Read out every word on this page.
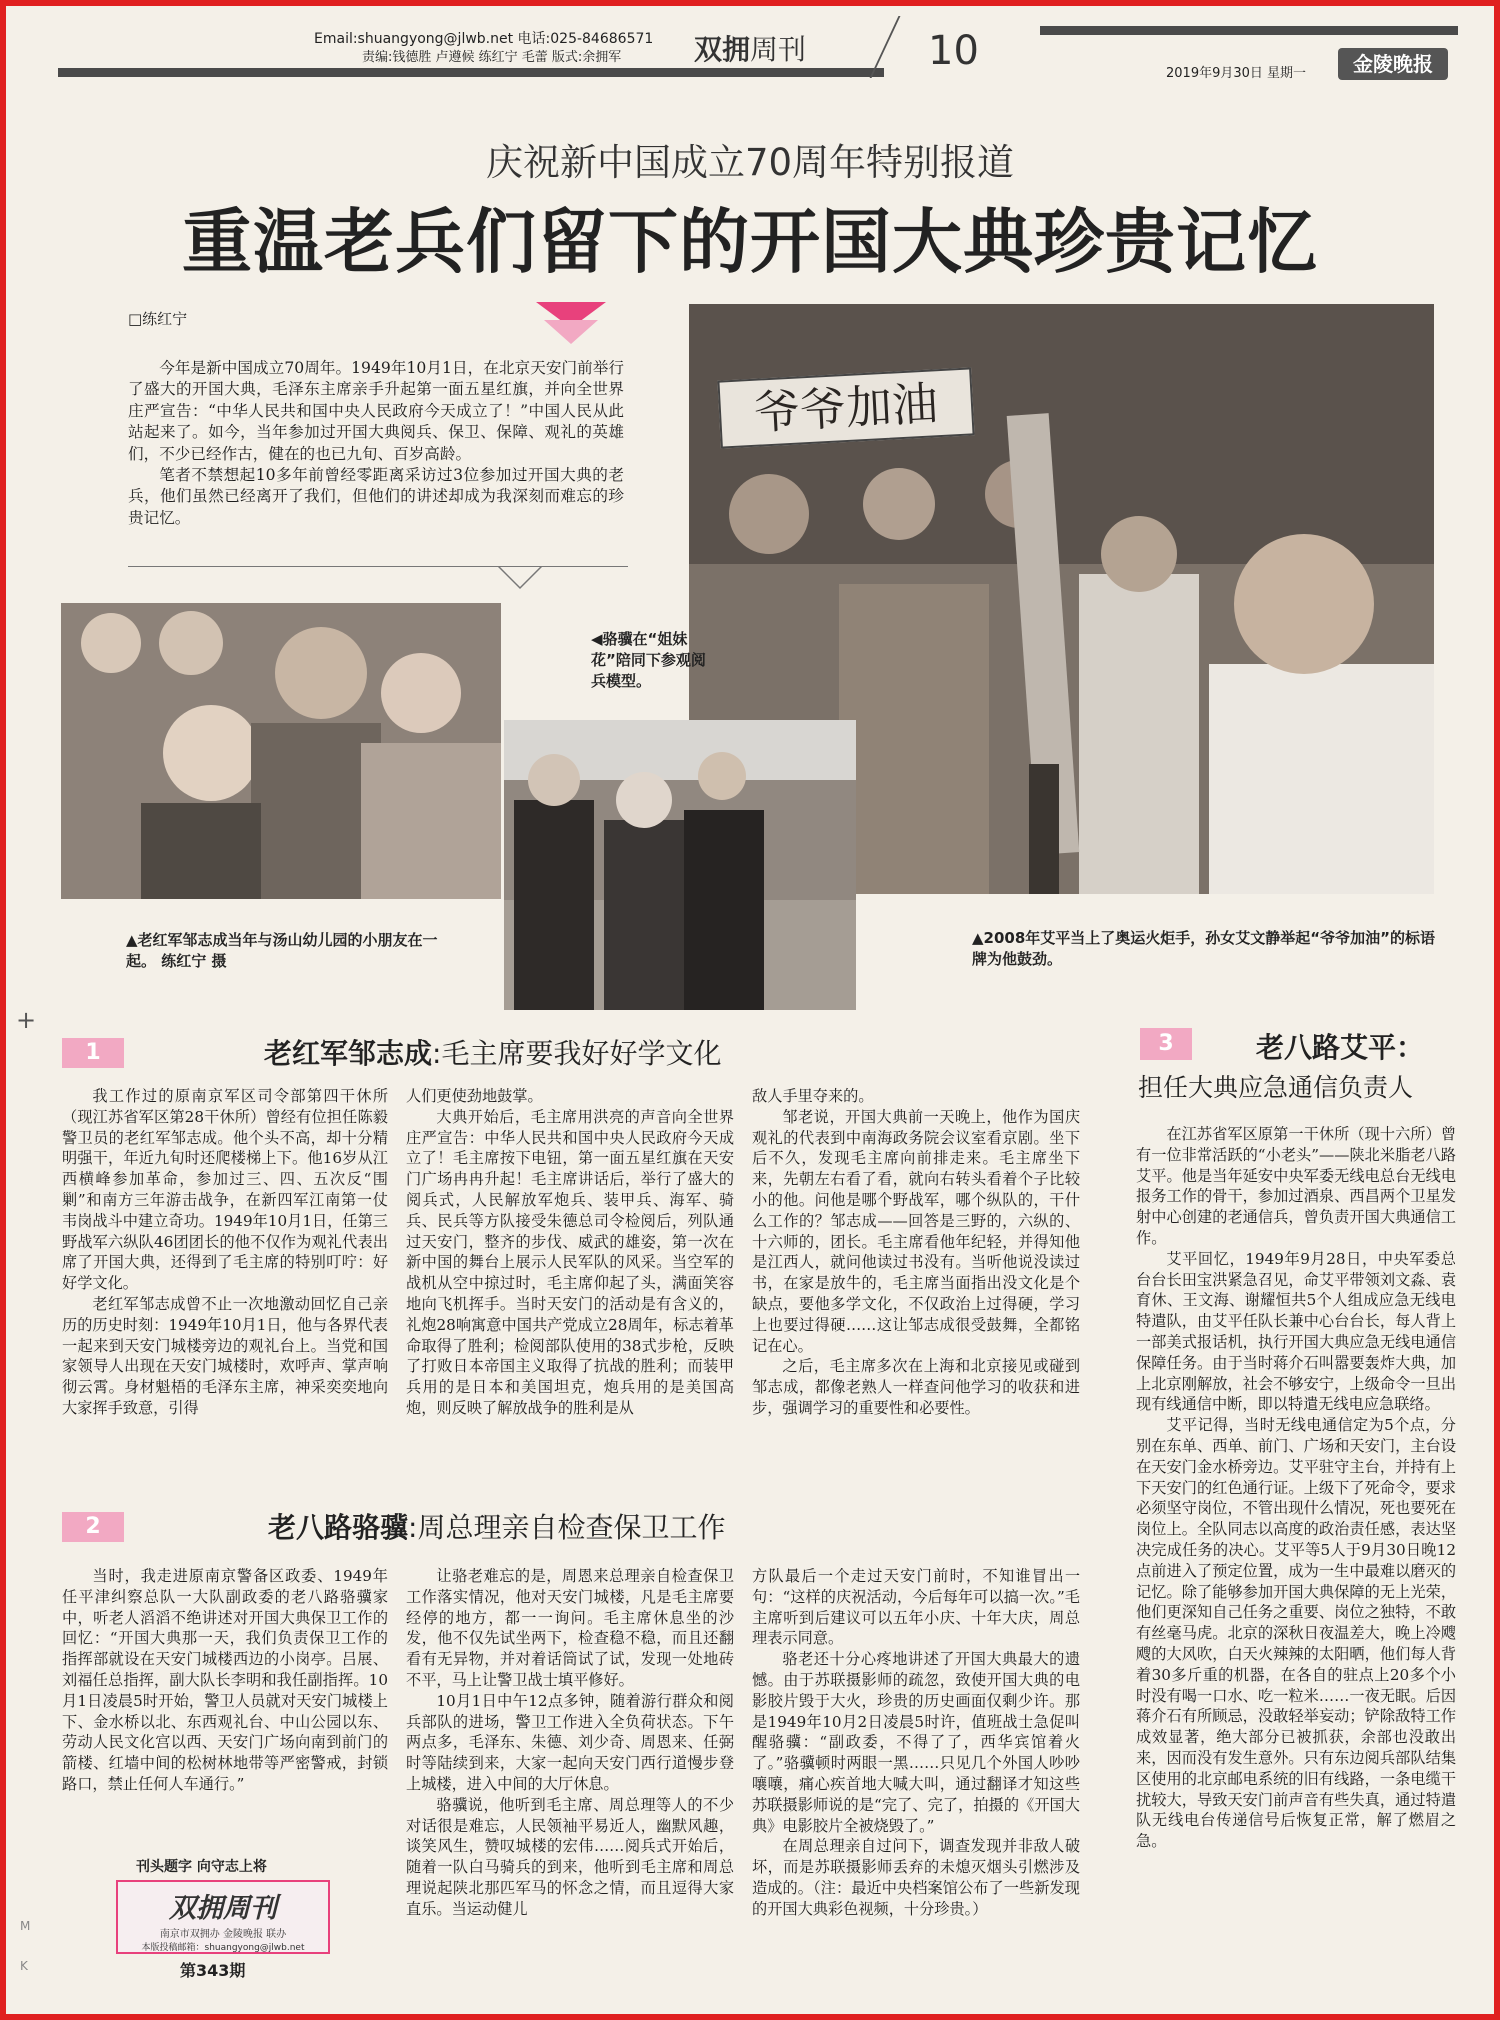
Email:shuangyong@jlwb.net 电话:025-84686571
责编:钱德胜 卢遵候 练红宁 毛蕾 版式:余拥军	双拥周刊	10	2019年9月30日 星期一	金陵晚报
庆祝新中国成立70周年特别报道
重温老兵们留下的开国大典珍贵记忆
□练红宁

今年是新中国成立70周年。1949年10月1日，在北京天安门前举行了盛大的开国大典，毛泽东主席亲手升起第一面五星红旗，并向全世界庄严宣告：“中华人民共和国中央人民政府今天成立了！”中国人民从此站起来了。如今，当年参加过开国大典阅兵、保卫、保障、观礼的英雄们，不少已经作古，健在的也已九旬、百岁高龄。

笔者不禁想起10多年前曾经零距离采访过3位参加过开国大典的老兵，他们虽然已经离开了我们，但他们的讲述却成为我深刻而难忘的珍贵记忆。

爷爷加油
◀骆骥在“姐妹花”陪同下参观阅兵模型。
▲老红军邹志成当年与汤山幼儿园的小朋友在一起。 练红宁 摄
▲2008年艾平当上了奥运火炬手，孙女艾文静举起“爷爷加油”的标语牌为他鼓劲。
1	老红军邹志成:毛主席要我好好学文化

我工作过的原南京军区司令部第四干休所（现江苏省军区第28干休所）曾经有位担任陈毅警卫员的老红军邹志成。他个头不高，却十分精明强干，年近九旬时还爬楼梯上下。他16岁从江西横峰参加革命，参加过三、四、五次反“围剿”和南方三年游击战争，在新四军江南第一仗韦岗战斗中建立奇功。1949年10月1日，任第三野战军六纵队46团团长的他不仅作为观礼代表出席了开国大典，还得到了毛主席的特别叮咛：好好学文化。

老红军邹志成曾不止一次地激动回忆自己亲历的历史时刻：1949年10月1日，他与各界代表一起来到天安门城楼旁边的观礼台上。当党和国家领导人出现在天安门城楼时，欢呼声、掌声响彻云霄。身材魁梧的毛泽东主席，神采奕奕地向大家挥手致意，引得

人们更使劲地鼓掌。

大典开始后，毛主席用洪亮的声音向全世界庄严宣告：中华人民共和国中央人民政府今天成立了！毛主席按下电钮，第一面五星红旗在天安门广场冉冉升起！毛主席讲话后，举行了盛大的阅兵式，人民解放军炮兵、装甲兵、海军、骑兵、民兵等方队接受朱德总司令检阅后，列队通过天安门，整齐的步伐、威武的雄姿，第一次在新中国的舞台上展示人民军队的风采。当空军的战机从空中掠过时，毛主席仰起了头，满面笑容地向飞机挥手。当时天安门的活动是有含义的，礼炮28响寓意中国共产党成立28周年，标志着革命取得了胜利；检阅部队使用的38式步枪，反映了打败日本帝国主义取得了抗战的胜利；而装甲兵用的是日本和美国坦克，炮兵用的是美国高炮，则反映了解放战争的胜利是从

敌人手里夺来的。

邹老说，开国大典前一天晚上，他作为国庆观礼的代表到中南海政务院会议室看京剧。坐下后不久，发现毛主席向前排走来。毛主席坐下来，先朝左右看了看，就向右转头看着个子比较小的他。问他是哪个野战军，哪个纵队的，干什么工作的？邹志成——回答是三野的，六纵的、十六师的，团长。毛主席看他年纪轻，并得知他是江西人，就问他读过书没有。当听他说没读过书，在家是放牛的，毛主席当面指出没文化是个缺点，要他多学文化，不仅政治上过得硬，学习上也要过得硬……这让邹志成很受鼓舞，全都铭记在心。

之后，毛主席多次在上海和北京接见或碰到邹志成，都像老熟人一样查问他学习的收获和进步，强调学习的重要性和必要性。

2	老八路骆骥:周总理亲自检查保卫工作

当时，我走进原南京警备区政委、1949年任平津纠察总队一大队副政委的老八路骆骥家中，听老人滔滔不绝讲述对开国大典保卫工作的回忆：“开国大典那一天，我们负责保卫工作的指挥部就设在天安门城楼西边的小岗亭。吕展、刘福任总指挥，副大队长李明和我任副指挥。10月1日凌晨5时开始，警卫人员就对天安门城楼上下、金水桥以北、东西观礼台、中山公园以东、劳动人民文化宫以西、天安门广场向南到前门的箭楼、红墙中间的松树林地带等严密警戒，封锁路口，禁止任何人车通行。”

让骆老难忘的是，周恩来总理亲自检查保卫工作落实情况，他对天安门城楼，凡是毛主席要经停的地方，都一一询问。毛主席休息坐的沙发，他不仅先试坐两下，检查稳不稳，而且还翻看有无异物，并对着话筒试了试，发现一处地砖不平，马上让警卫战士填平修好。

10月1日中午12点多钟，随着游行群众和阅兵部队的进场，警卫工作进入全负荷状态。下午两点多，毛泽东、朱德、刘少奇、周恩来、任弼时等陆续到来，大家一起向天安门西行道慢步登上城楼，进入中间的大厅休息。

骆骥说，他听到毛主席、周总理等人的不少对话很是难忘，人民领袖平易近人，幽默风趣，谈笑风生，赞叹城楼的宏伟……阅兵式开始后，随着一队白马骑兵的到来，他听到毛主席和周总理说起陕北那匹军马的怀念之情，而且逗得大家直乐。当运动健儿

方队最后一个走过天安门前时，不知谁冒出一句：“这样的庆祝活动，今后每年可以搞一次。”毛主席听到后建议可以五年小庆、十年大庆，周总理表示同意。

骆老还十分心疼地讲述了开国大典最大的遗憾。由于苏联摄影师的疏忽，致使开国大典的电影胶片毁于大火，珍贵的历史画面仅剩少许。那是1949年10月2日凌晨5时许，值班战士急促叫醒骆骥：“副政委，不得了了，西华宾馆着火了。”骆骥顿时两眼一黑……只见几个外国人吵吵嚷嚷，痛心疾首地大喊大叫，通过翻译才知这些苏联摄影师说的是“完了、完了，拍摄的《开国大典》电影胶片全被烧毁了。”

在周总理亲自过问下，调查发现并非敌人破坏，而是苏联摄影师丢弃的未熄灭烟头引燃涉及造成的。（注：最近中央档案馆公布了一些新发现的开国大典彩色视频，十分珍贵。）

刊头题字 向守志上将
双拥周刊
南京市双拥办 金陵晚报 联办
本版投稿邮箱：shuangyong@jlwb.net
第343期
3	老八路艾平：
担任大典应急通信负责人

在江苏省军区原第一干休所（现十六所）曾有一位非常活跃的“小老头”——陕北米脂老八路艾平。他是当年延安中央军委无线电总台无线电报务工作的骨干，参加过酒泉、西昌两个卫星发射中心创建的老通信兵，曾负责开国大典通信工作。

艾平回忆，1949年9月28日，中央军委总台台长田宝洪紧急召见，命艾平带领刘文淼、袁育休、王文海、谢耀恒共5个人组成应急无线电特遣队，由艾平任队长兼中心台台长，每人背上一部美式报话机，执行开国大典应急无线电通信保障任务。由于当时蒋介石叫嚣要轰炸大典，加上北京刚解放，社会不够安宁，上级命令一旦出现有线通信中断，即以特遣无线电应急联络。

艾平记得，当时无线电通信定为5个点，分别在东单、西单、前门、广场和天安门，主台设在天安门金水桥旁边。艾平驻守主台，并持有上下天安门的红色通行证。上级下了死命令，要求必须坚守岗位，不管出现什么情况，死也要死在岗位上。全队同志以高度的政治责任感，表达坚决完成任务的决心。艾平等5人于9月30日晚12点前进入了预定位置，成为一生中最难以磨灭的记忆。除了能够参加开国大典保障的无上光荣，他们更深知自己任务之重要、岗位之独特，不敢有丝毫马虎。北京的深秋日夜温差大，晚上冷飕飕的大风吹，白天火辣辣的太阳晒，他们每人背着30多斤重的机器，在各自的驻点上20多个小时没有喝一口水、吃一粒米……一夜无眠。后因蒋介石有所顾忌，没敢轻举妄动；铲除敌特工作成效显著，绝大部分已被抓获，余部也没敢出来，因而没有发生意外。只有东边阅兵部队结集区使用的北京邮电系统的旧有线路，一条电缆干扰较大，导致天安门前声音有些失真，通过特遣队无线电台传递信号后恢复正常，解了燃眉之急。

+
M K
